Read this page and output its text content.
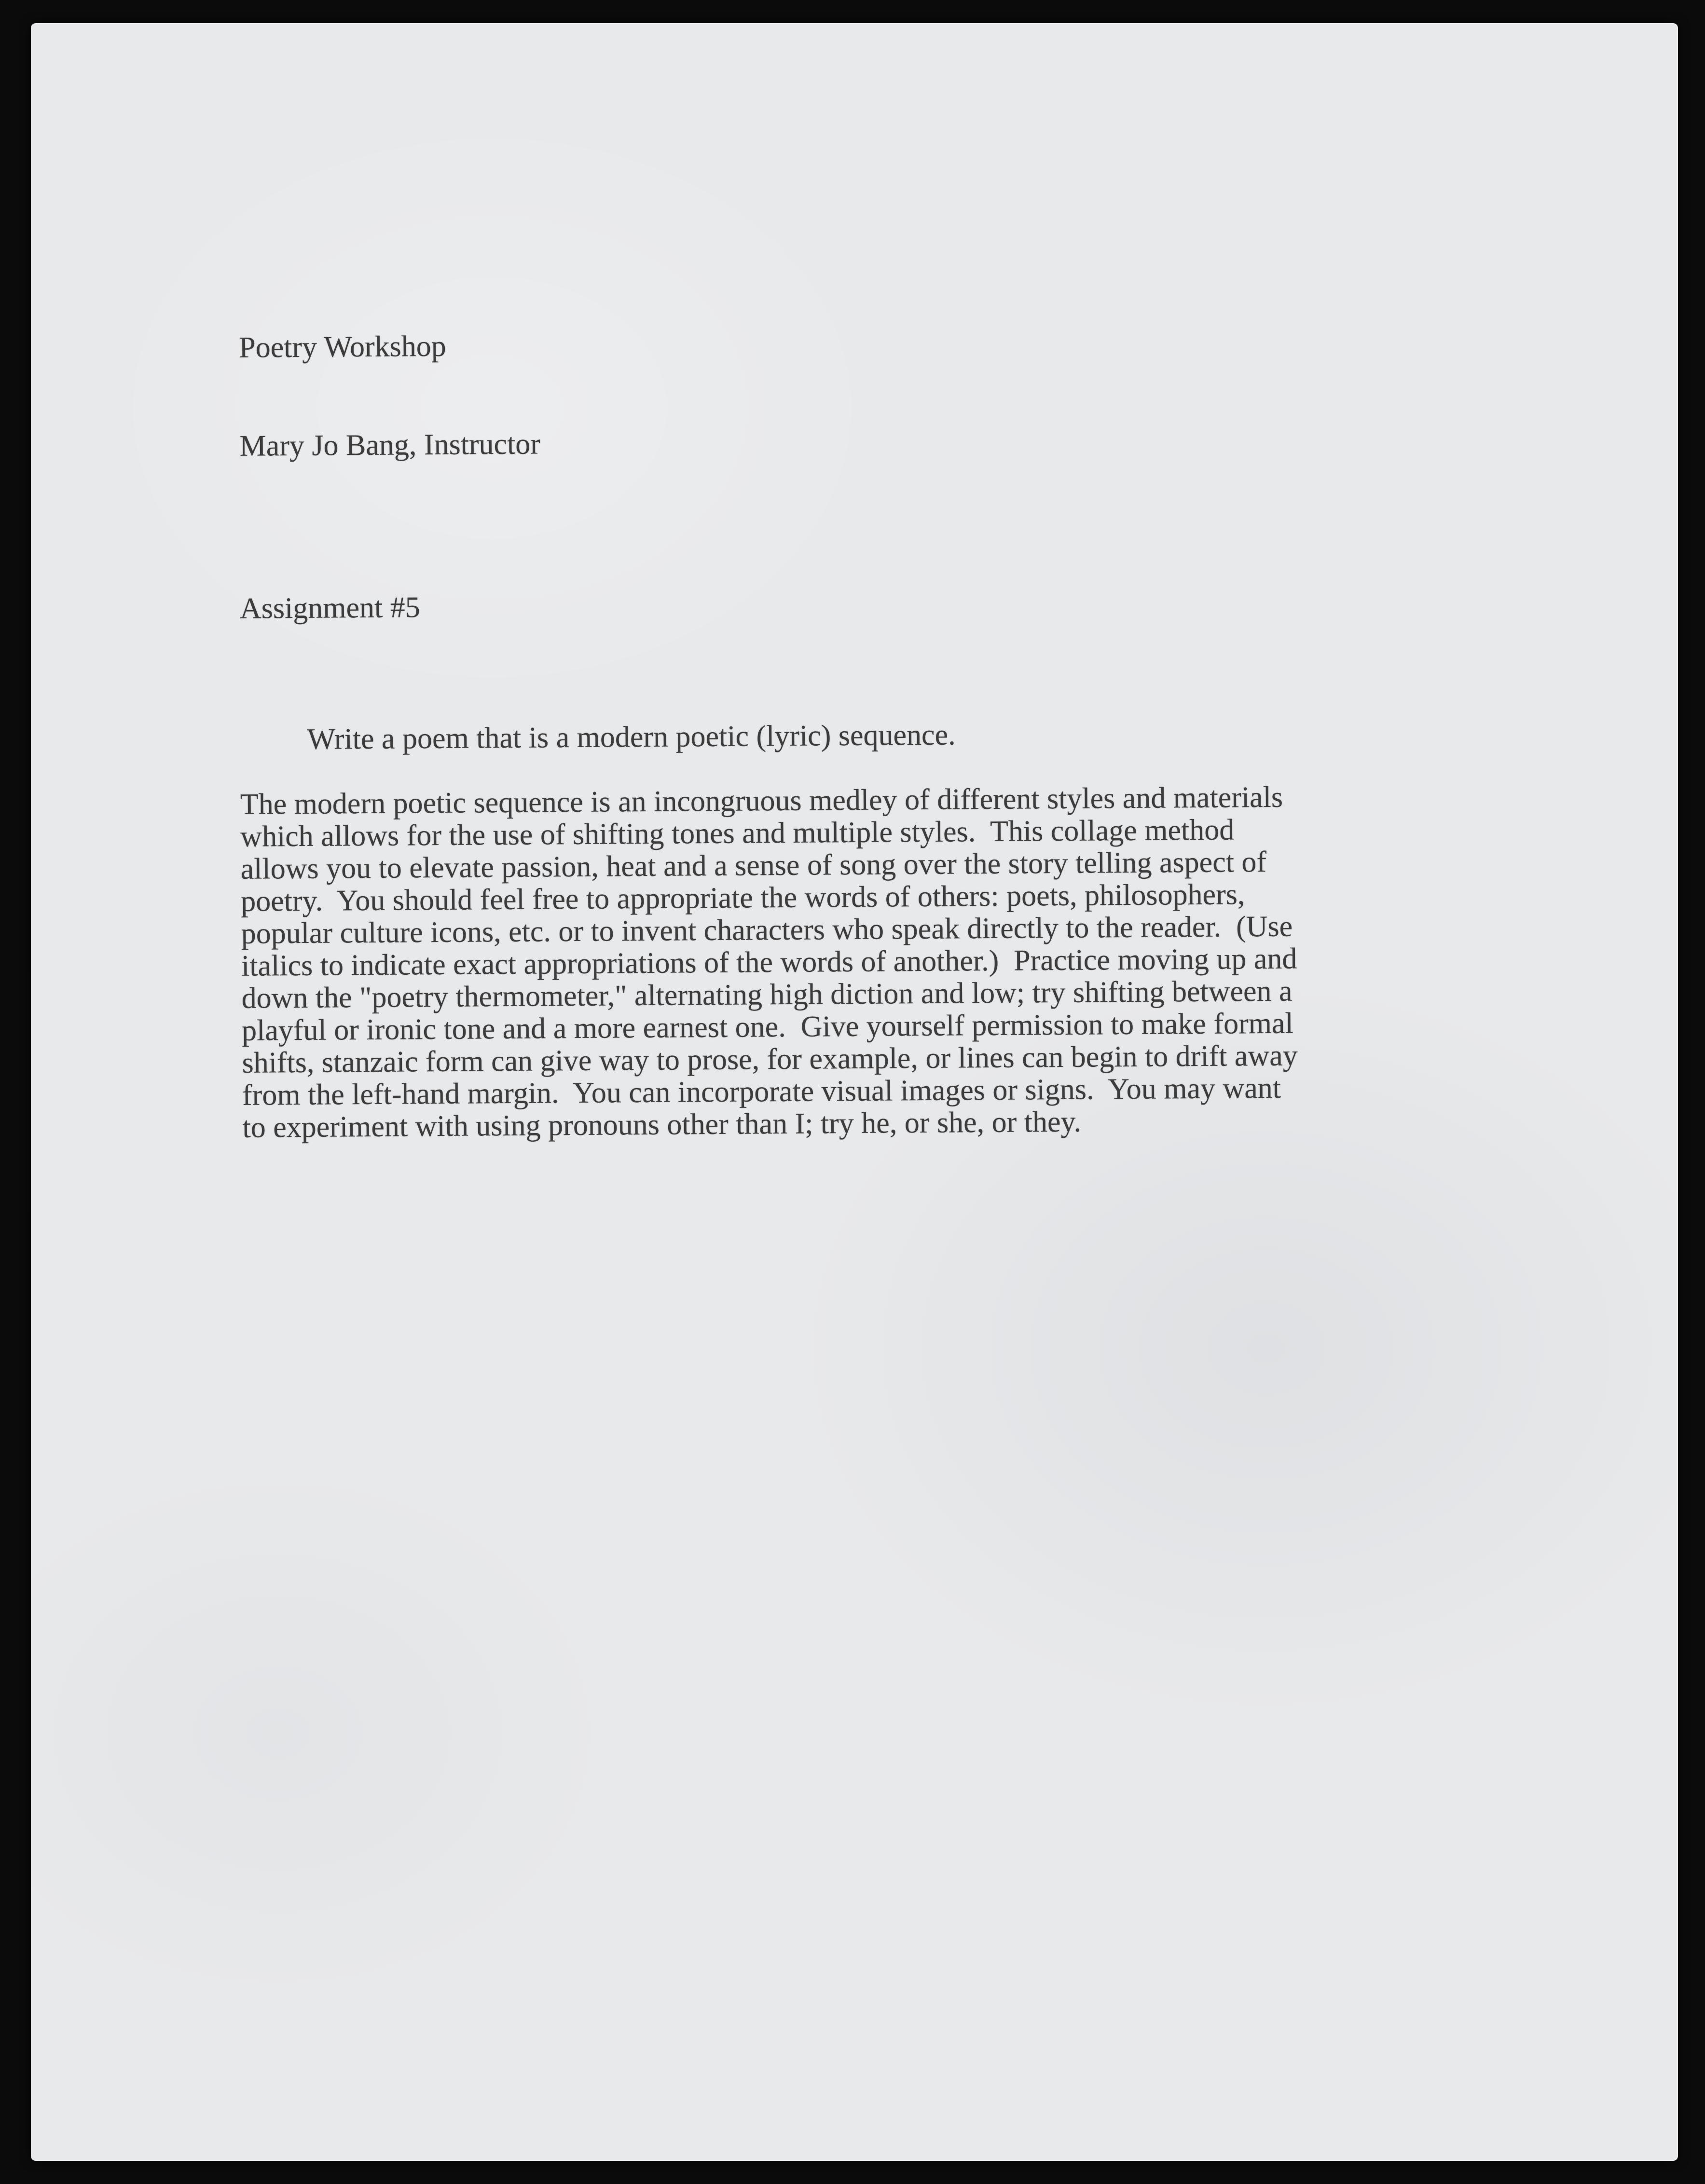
Poetry Workshop

Mary Jo Bang, Instructor

Assignment #5
Write a poem that is a modern poetic (lyric) sequence.
The modern poetic sequence is an incongruous medley of different styles and materials
which allows for the use of shifting tones and multiple styles.  This collage method
allows you to elevate passion, heat and a sense of song over the story telling aspect of
poetry.  You should feel free to appropriate the words of others: poets, philosophers,
popular culture icons, etc. or to invent characters who speak directly to the reader.  (Use
italics to indicate exact appropriations of the words of another.)  Practice moving up and
down the "poetry thermometer," alternating high diction and low; try shifting between a
playful or ironic tone and a more earnest one.  Give yourself permission to make formal
shifts, stanzaic form can give way to prose, for example, or lines can begin to drift away
from the left-hand margin.  You can incorporate visual images or signs.  You may want
to experiment with using pronouns other than I; try he, or she, or they.
